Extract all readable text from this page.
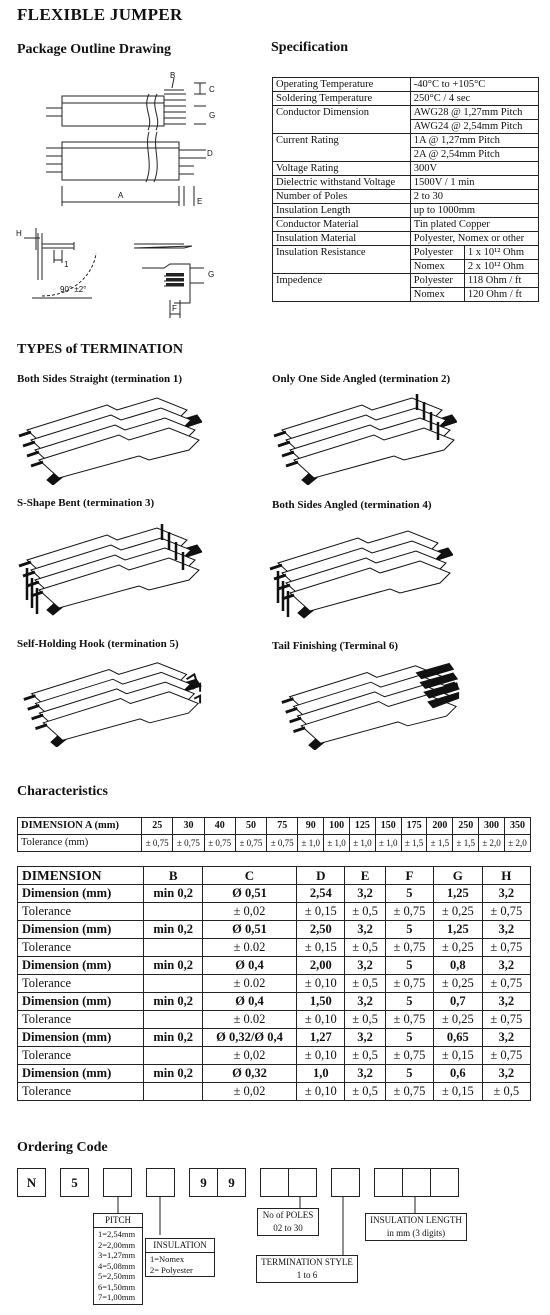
FLEXIBLE JUMPER
Package Outline Drawing	Specification
B
C
G
D
A
E
H
1
90° ±2°
G
F
Operating Temperature	-40°C to +105°C	
Soldering Temperature	250°C / 4 sec	
Conductor Dimension	AWG28 @ 1,27mm Pitch	
	AWG24 @ 2,54mm Pitch	
Current Rating	1A @ 1,27mm Pitch	
	2A @ 2,54mm Pitch	
Voltage Rating	300V	
Dielectric withstand Voltage	1500V / 1 min	
Number of Poles	2 to 30	
Insulation Length	up to 1000mm	
Conductor Material	Tin plated Copper	
Insulation Material	Polyester, Nomex or other	
Insulation Resistance	Polyester	1 x 10¹² Ohm
	Nomex	2 x 10¹² Ohm
Impedence	Polyester	118 Ohm / ft
	Nomex	120 Ohm / ft
TYPES of TERMINATION
Both Sides Straight (termination 1)	Only One Side Angled (termination 2)
S-Shape Bent (termination 3)	Both Sides Angled (termination 4)
Self-Holding Hook (termination 5)	Tail Finishing (Terminal 6)
Characteristics
DIMENSION A (mm)	25	30	40	50	75	90	100	125	150	175	200	250	300	350
Tolerance (mm)	± 0,75	± 0,75	± 0,75	± 0,75	± 0,75	± 1,0	± 1,0	± 1,0	± 1,0	± 1,5	± 1,5	± 1,5	± 2,0	± 2,0
DIMENSION	B	C	D	E	F	G	H
Dimension (mm)	min 0,2	Ø 0,51	2,54	3,2	5	1,25	3,2
Tolerance		± 0,02	± 0,15	± 0,5	± 0,75	± 0,25	± 0,75
Dimension (mm)	min 0,2	Ø 0,51	2,50	3,2	5	1,25	3,2
Tolerance		± 0.02	± 0,15	± 0,5	± 0,75	± 0,25	± 0,75
Dimension (mm)	min 0,2	Ø 0,4	2,00	3,2	5	0,8	3,2
Tolerance		± 0.02	± 0,10	± 0,5	± 0,75	± 0,25	± 0,75
Dimension (mm)	min 0,2	Ø 0,4	1,50	3,2	5	0,7	3,2
Tolerance		± 0.02	± 0,10	± 0,5	± 0,75	± 0,25	± 0,75
Dimension (mm)	min 0,2	Ø 0,32/Ø 0,4	1,27	3,2	5	0,65	3,2
Tolerance		± 0,02	± 0,10	± 0,5	± 0,75	± 0,15	± 0,75
Dimension (mm)	min 0,2	Ø 0,32	1,0	3,2	5	0,6	3,2
Tolerance		± 0,02	± 0,10	± 0,5	± 0,75	± 0,15	± 0,5
Ordering Code
N	5	9	9
PITCH
1=2,54mm
2=2,00mm
3=1,27mm
4=5,08mm
5=2,50mm
6=1,50mm
7=1,00mm
INSULATION
1=Nomex
2= Polyester
No of POLES
02 to 30
TERMINATION STYLE
1 to 6
INSULATION LENGTH
in mm (3 digits)
